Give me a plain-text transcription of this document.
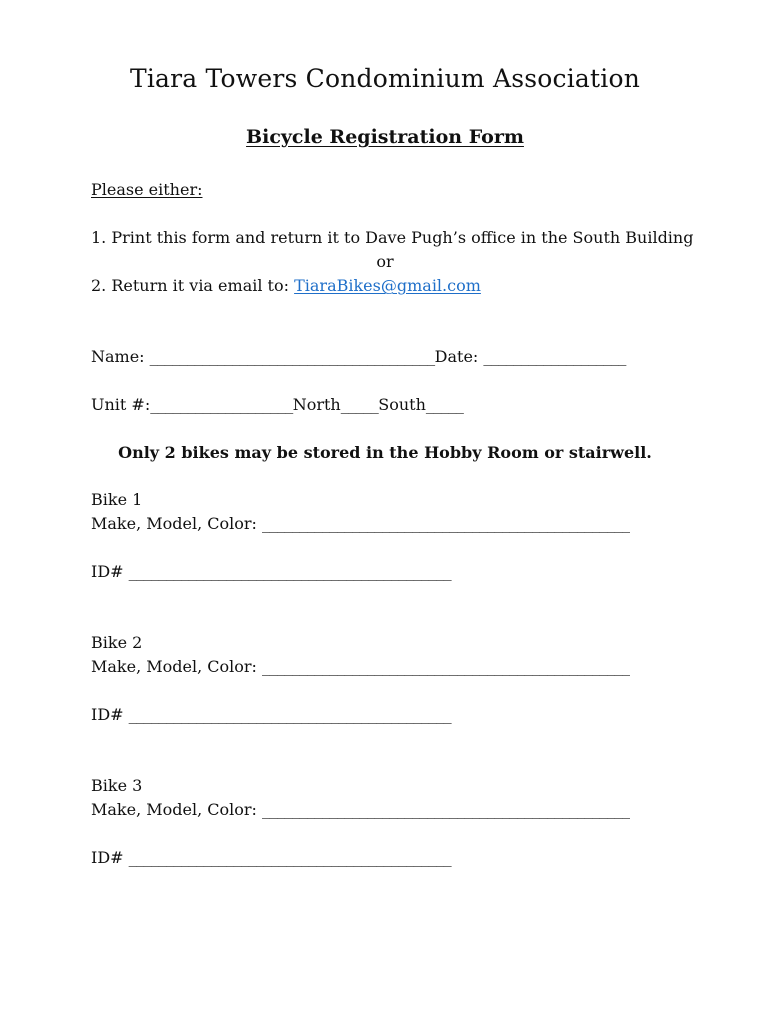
Tiara Towers Condominium Association
Bicycle Registration Form
Please either:
1. Print this form and return it to Dave Pugh’s office in the South Building
or
2. Return it via email to: TiaraBikes@gmail.com
Name: ______________________________________Date: ___________________
Unit #:___________________North_____South_____
Only 2 bikes may be stored in the Hobby Room or stairwell.
Bike 1
Make, Model, Color: _________________________________________________
ID# ___________________________________________
Bike 2
Make, Model, Color: _________________________________________________
ID# ___________________________________________
Bike 3
Make, Model, Color: _________________________________________________
ID# ___________________________________________
